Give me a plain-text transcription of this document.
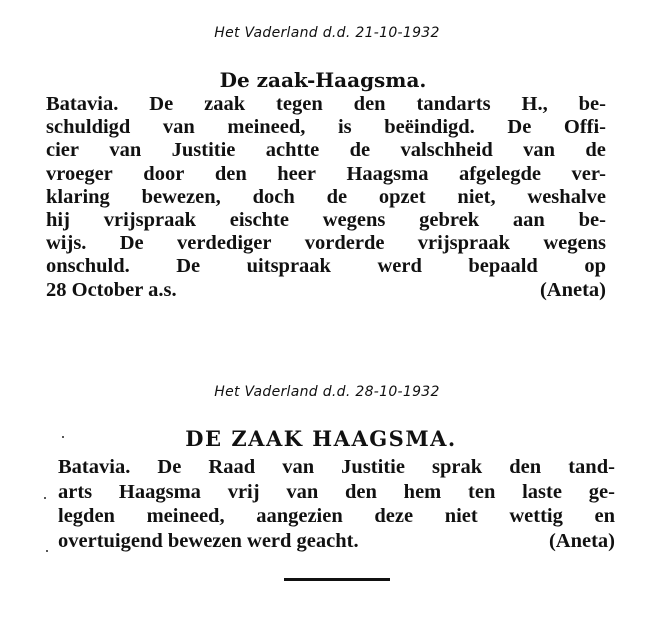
Het Vaderland d.d. 21-10-1932
De zaak-Haagsma.
Batavia. De zaak tegen den tandarts H., be-
schuldigd van meineed, is beëindigd. De Offi-
cier van Justitie achtte de valschheid van de
vroeger door den heer Haagsma afgelegde ver-
klaring bewezen, doch de opzet niet, weshalve
hij vrijspraak eischte wegens gebrek aan be-
wijs. De verdediger vorderde vrijspraak wegens
onschuld. De uitspraak werd bepaald op
28 October a.s.	(Aneta)
Het Vaderland d.d. 28-10-1932
DE ZAAK HAAGSMA.
Batavia. De Raad van Justitie sprak den tand-
arts Haagsma vrij van den hem ten laste ge-
legden meineed, aangezien deze niet wettig en
overtuigend bewezen werd geacht.	(Aneta)
